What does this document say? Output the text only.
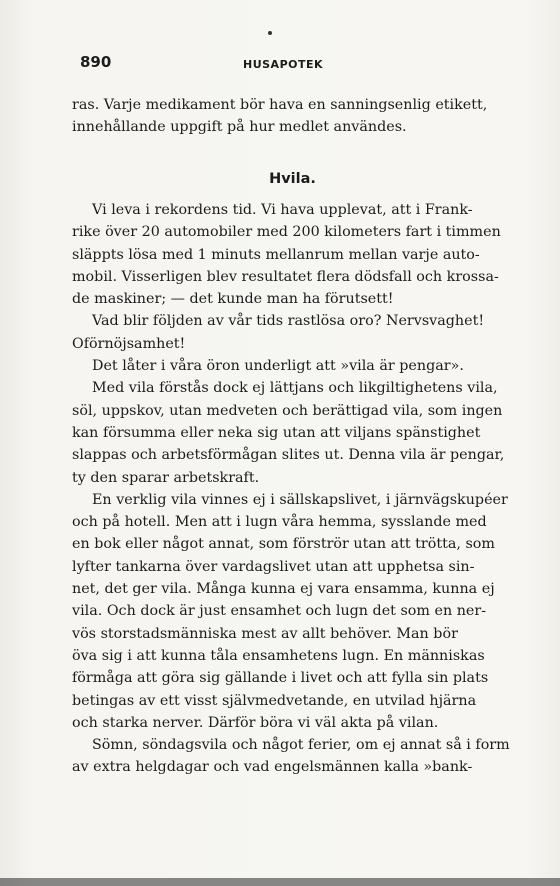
890	HUSAPOTEK
ras. Varje medikament bör hava en sanningsenlig etikett,
innehållande uppgift på hur medlet användes.
Hvila.
Vi leva i rekordens tid. Vi hava upplevat, att i Frank-
rike över 20 automobiler med 200 kilometers fart i timmen
släppts lösa med 1 minuts mellanrum mellan varje auto-
mobil. Visserligen blev resultatet flera dödsfall och krossa-
de maskiner; — det kunde man ha förutsett!
Vad blir följden av vår tids rastlösa oro? Nervsvaghet!
Oförnöjsamhet!
Det låter i våra öron underligt att »vila är pengar».
Med vila förstås dock ej lättjans och likgiltighetens vila,
söl, uppskov, utan medveten och berättigad vila, som ingen
kan försumma eller neka sig utan att viljans spänstighet
slappas och arbetsförmågan slites ut. Denna vila är pengar,
ty den sparar arbetskraft.
En verklig vila vinnes ej i sällskapslivet, i järnvägskupéer
och på hotell. Men att i lugn våra hemma, sysslande med
en bok eller något annat, som förströr utan att trötta, som
lyfter tankarna över vardagslivet utan att upphetsa sin-
net, det ger vila. Många kunna ej vara ensamma, kunna ej
vila. Och dock är just ensamhet och lugn det som en ner-
vös storstadsmänniska mest av allt behöver. Man bör
öva sig i att kunna tåla ensamhetens lugn. En människas
förmåga att göra sig gällande i livet och att fylla sin plats
betingas av ett visst självmedvetande, en utvilad hjärna
och starka nerver. Därför böra vi väl akta på vilan.
Sömn, söndagsvila och något ferier, om ej annat så i form
av extra helgdagar och vad engelsmännen kalla »bank-
